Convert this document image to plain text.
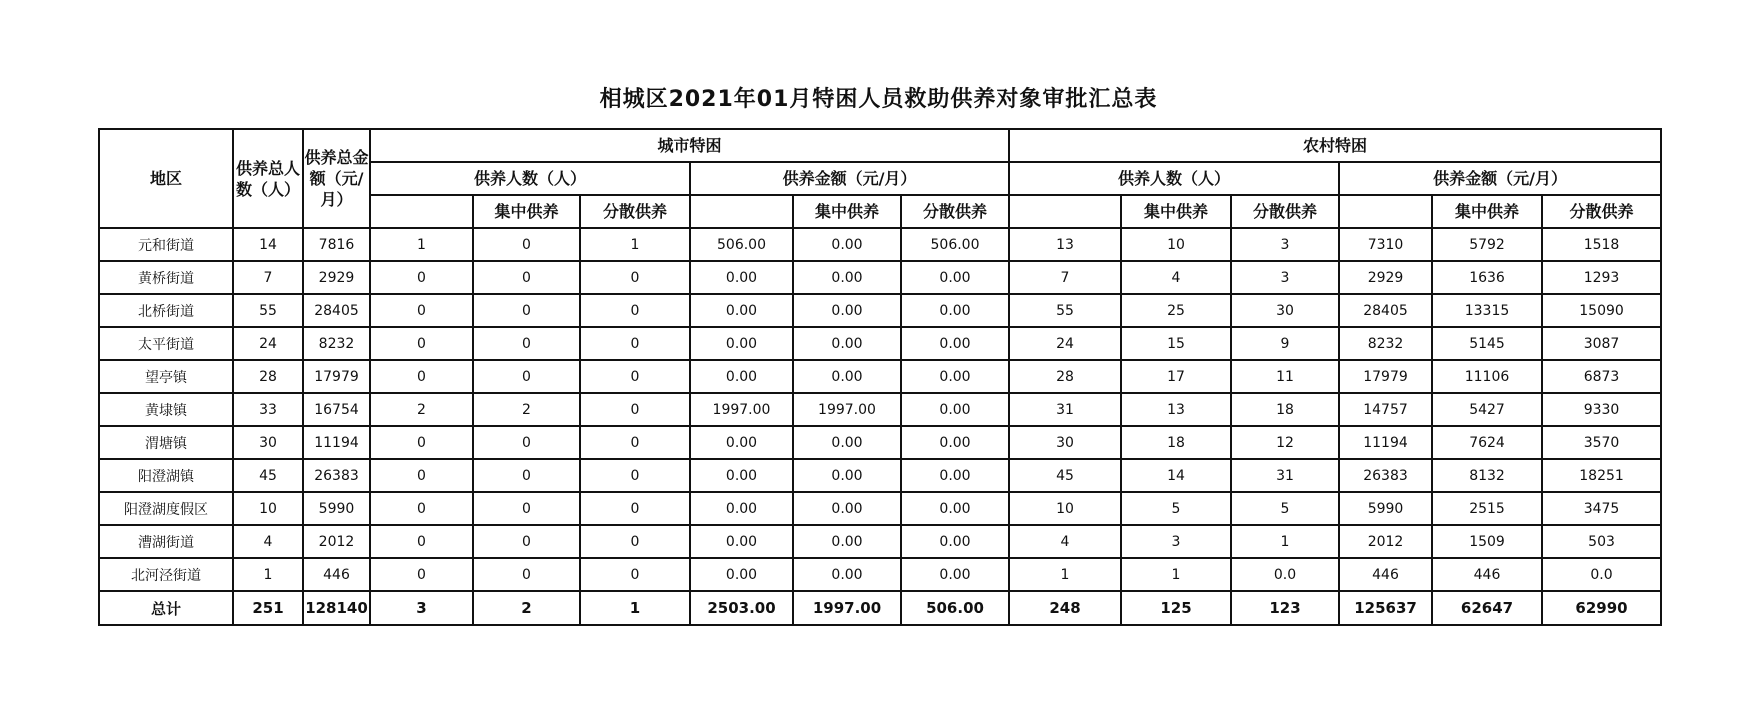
相城区2021年01月特困人员救助供养对象审批汇总表
地区	供养总人数（人）	供养总金额（元/月）	城市特困						农村特困					
			供养人数（人）			供养金额（元/月）			供养人数（人）			供养金额（元/月）		
				集中供养	分散供养		集中供养	分散供养		集中供养	分散供养		集中供养	分散供养
元和街道	14	7816	1	0	1	506.00	0.00	506.00	13	10	3	7310	5792	1518
黄桥街道	7	2929	0	0	0	0.00	0.00	0.00	7	4	3	2929	1636	1293
北桥街道	55	28405	0	0	0	0.00	0.00	0.00	55	25	30	28405	13315	15090
太平街道	24	8232	0	0	0	0.00	0.00	0.00	24	15	9	8232	5145	3087
望亭镇	28	17979	0	0	0	0.00	0.00	0.00	28	17	11	17979	11106	6873
黄埭镇	33	16754	2	2	0	1997.00	1997.00	0.00	31	13	18	14757	5427	9330
渭塘镇	30	11194	0	0	0	0.00	0.00	0.00	30	18	12	11194	7624	3570
阳澄湖镇	45	26383	0	0	0	0.00	0.00	0.00	45	14	31	26383	8132	18251
阳澄湖度假区	10	5990	0	0	0	0.00	0.00	0.00	10	5	5	5990	2515	3475
漕湖街道	4	2012	0	0	0	0.00	0.00	0.00	4	3	1	2012	1509	503
北河泾街道	1	446	0	0	0	0.00	0.00	0.00	1	1	0.0	446	446	0.0
总计	251	128140	3	2	1	2503.00	1997.00	506.00	248	125	123	125637	62647	62990
